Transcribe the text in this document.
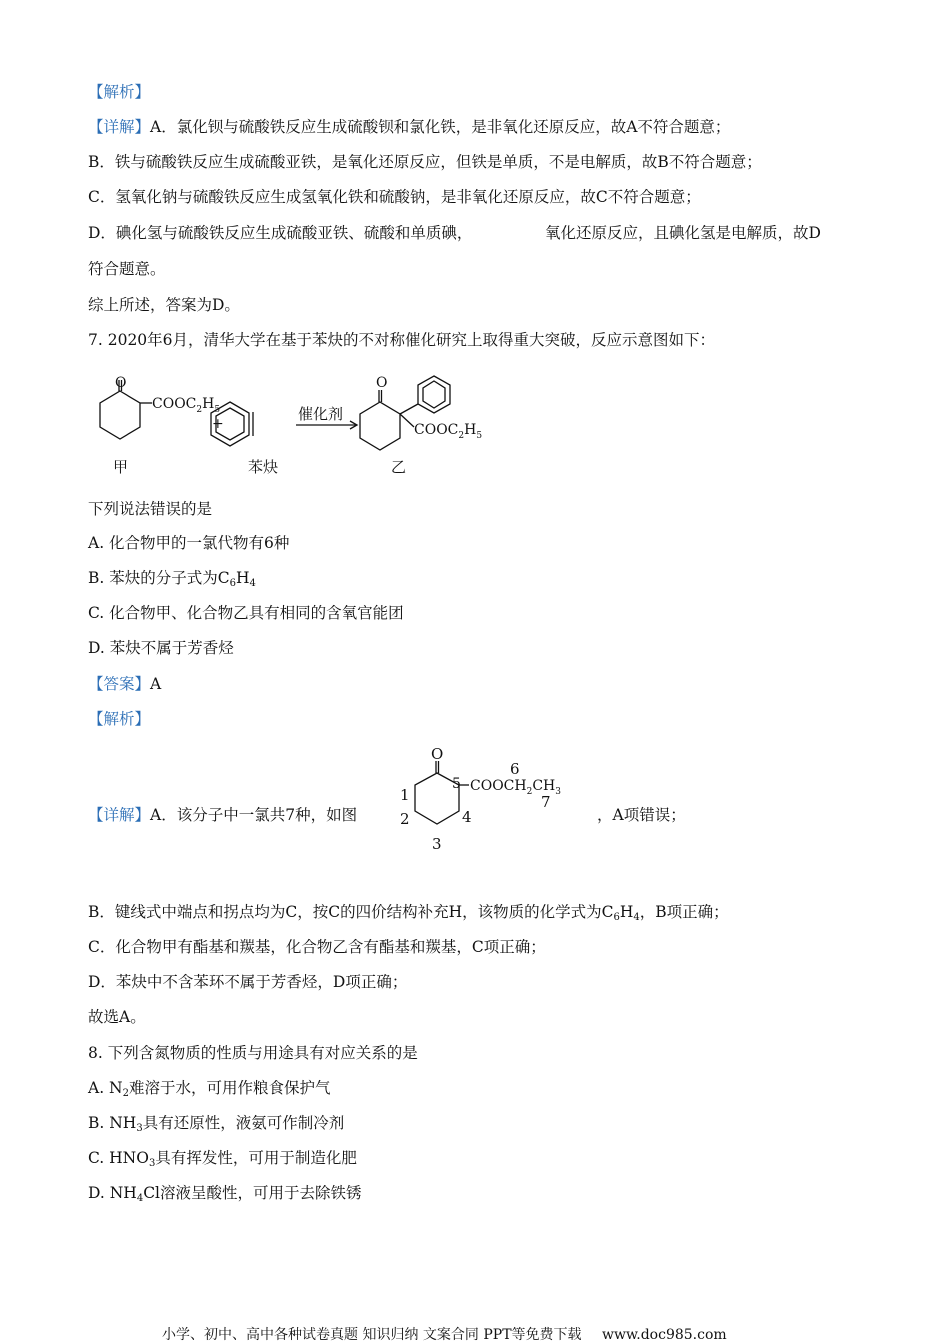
【解析】
【详解】A．氯化钡与硫酸铁反应生成硫酸钡和氯化铁，是非氧化还原反应，故A不符合题意；
B．铁与硫酸铁反应生成硫酸亚铁，是氧化还原反应，但铁是单质，不是电解质，故B不符合题意；
C．氢氧化钠与硫酸铁反应生成氢氧化铁和硫酸钠，是非氧化还原反应，故C不符合题意；
D．碘化氢与硫酸铁反应生成硫酸亚铁、硫酸和单质碘，	氧化还原反应，且碘化氢是电解质，故D
符合题意。
综上所述，答案为D。
7. 2020年6月，清华大学在基于苯炔的不对称催化研究上取得重大突破，反应示意图如下：
O
$COOC_2H_5$
+
O
$COOC_2H_5$
催化剂
甲	苯炔	乙
下列说法错误的是
A. 化合物甲的一氯代物有6种
B. 苯炔的分子式为$C_6H_4$
C. 化合物甲、化合物乙具有相同的含氧官能团
D. 苯炔不属于芳香烃
【答案】A
【解析】
【详解】A．该分子中一氯共7种，如图	，A项错误；
O
5 $COOCH_2CH_3$
6
7
1
2	4
3
B．键线式中端点和拐点均为C，按C的四价结构补充H，该物质的化学式为$C_6H_4$，B项正确；
C．化合物甲有酯基和羰基，化合物乙含有酯基和羰基，C项正确；
D．苯炔中不含苯环不属于芳香烃，D项正确；
故选A。
8. 下列含氮物质的性质与用途具有对应关系的是
A. $N_2$难溶于水，可用作粮食保护气
B. $NH_3$具有还原性，液氨可作制冷剂
C. $HNO_3$具有挥发性，可用于制造化肥
D. $NH_4Cl$溶液呈酸性，可用于去除铁锈
小学、初中、高中各种试卷真题 知识归纳 文案合同 PPT等免费下载 www.doc985.com
